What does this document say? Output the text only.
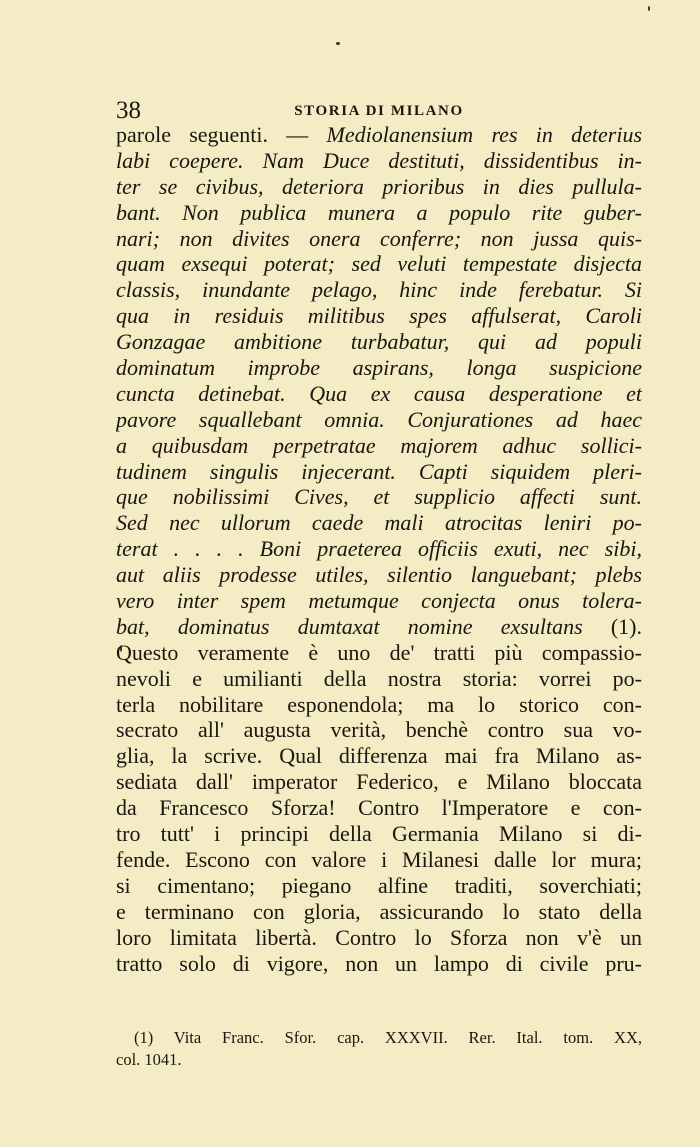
38	STORIA DI MILANO
parole seguenti. — Mediolanensium res in deterius
labi coepere. Nam Duce destituti, dissidentibus in-
ter se civibus, deteriora prioribus in dies pullula-
bant. Non publica munera a populo rite guber-
nari; non divites onera conferre; non jussa quis-
quam exsequi poterat; sed veluti tempestate disjecta
classis, inundante pelago, hinc inde ferebatur. Si
qua in residuis militibus spes affulserat, Caroli
Gonzagae ambitione turbabatur, qui ad populi
dominatum improbe aspirans, longa suspicione
cuncta detinebat. Qua ex causa desperatione et
pavore squallebant omnia. Conjurationes ad haec
a quibusdam perpetratae majorem adhuc sollici-
tudinem singulis injecerant. Capti siquidem pleri-
que nobilissimi Cives, et supplicio affecti sunt.
Sed nec ullorum caede mali atrocitas leniri po-
terat . . . . Boni praeterea officiis exuti, nec sibi,
aut aliis prodesse utiles, silentio languebant; plebs
vero inter spem metumque conjecta onus tolera-
bat, dominatus dumtaxat nomine exsultans (1).
Questo veramente è uno de' tratti più compassio-
nevoli e umilianti della nostra storia: vorrei po-
terla nobilitare esponendola; ma lo storico con-
secrato all' augusta verità, benchè contro sua vo-
glia, la scrive. Qual differenza mai fra Milano as-
sediata dall' imperator Federico, e Milano bloccata
da Francesco Sforza! Contro l'Imperatore e con-
tro tutt' i principi della Germania Milano si di-
fende. Escono con valore i Milanesi dalle lor mura;
si cimentano; piegano alfine traditi, soverchiati;
e terminano con gloria, assicurando lo stato della
loro limitata libertà. Contro lo Sforza non v'è un
tratto solo di vigore, non un lampo di civile pru-
(1) Vita Franc. Sfor. cap. XXXVII. Rer. Ital. tom. XX,
col. 1041.
